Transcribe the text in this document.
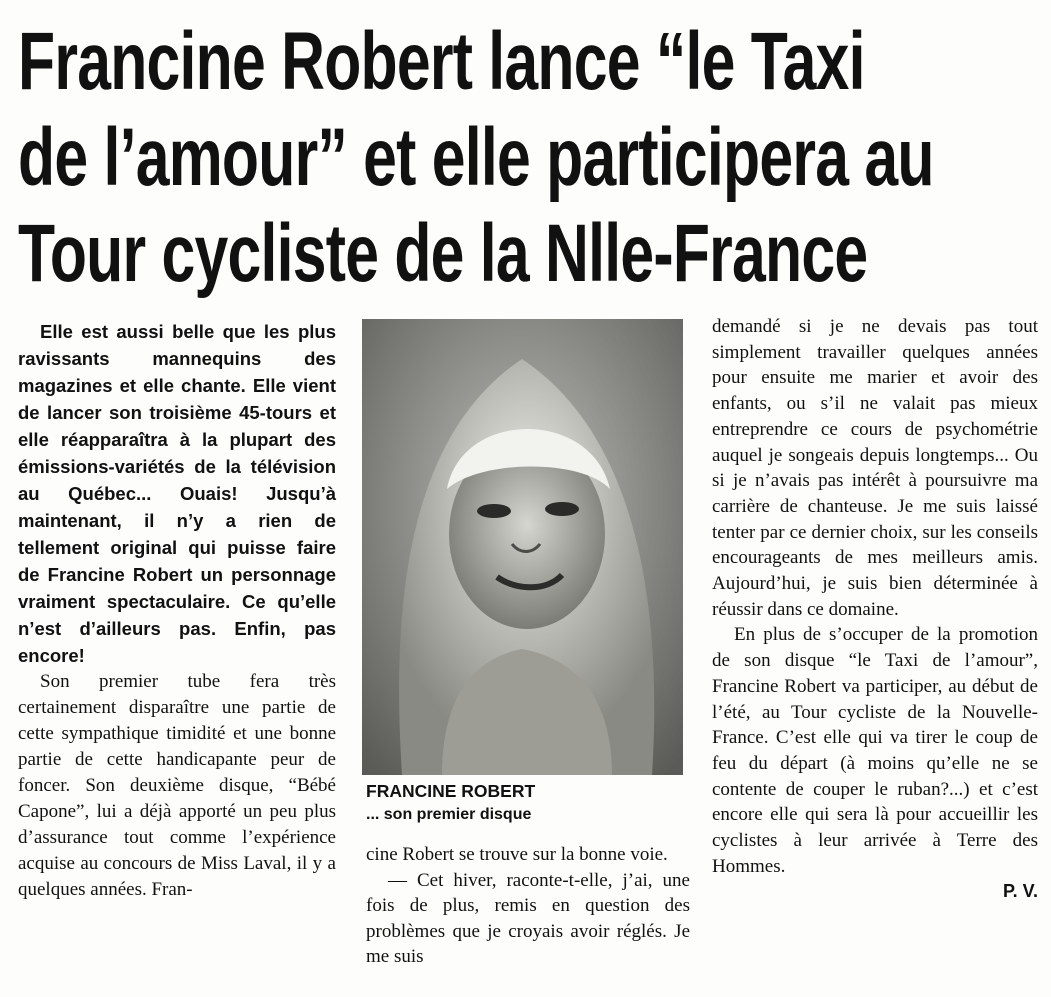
Francine Robert lance “le Taxi
de l’amour” et elle participera au
Tour cycliste de la Nlle-France

Elle est aussi belle que les plus ravissants mannequins des magazines et elle chante. Elle vient de lancer son troisième 45-tours et elle réapparaîtra à la plupart des émissions-variétés de la télévision au Québec... Ouais! Jusqu’à maintenant, il n’y a rien de tellement original qui puisse faire de Francine Robert un personnage vraiment spectaculaire. Ce qu’elle n’est d’ailleurs pas. Enfin, pas encore!

Son premier tube fera très certainement disparaître une partie de cette sympathique timidité et une bonne partie de cette handicapante peur de foncer. Son deuxième disque, “Bébé Capone”, lui a déjà apporté un peu plus d’assurance tout comme l’expérience acquise au concours de Miss Laval, il y a quelques années. Fran-

FRANCINE ROBERT
... son premier disque

cine Robert se trouve sur la bonne voie.

— Cet hiver, raconte-t-elle, j’ai, une fois de plus, remis en question des problèmes que je croyais avoir réglés. Je me suis

demandé si je ne devais pas tout simplement travailler quelques années pour ensuite me marier et avoir des enfants, ou s’il ne valait pas mieux entreprendre ce cours de psychométrie auquel je songeais depuis longtemps... Ou si je n’avais pas intérêt à poursuivre ma carrière de chanteuse. Je me suis laissé tenter par ce dernier choix, sur les conseils encourageants de mes meilleurs amis. Aujourd’hui, je suis bien déterminée à réussir dans ce domaine.

En plus de s’occuper de la promotion de son disque “le Taxi de l’amour”, Francine Robert va participer, au début de l’été, au Tour cycliste de la Nouvelle-France. C’est elle qui va tirer le coup de feu du départ (à moins qu’elle ne se contente de couper le ruban?...) et c’est encore elle qui sera là pour accueillir les cyclistes à leur arrivée à Terre des Hommes.

P. V.
